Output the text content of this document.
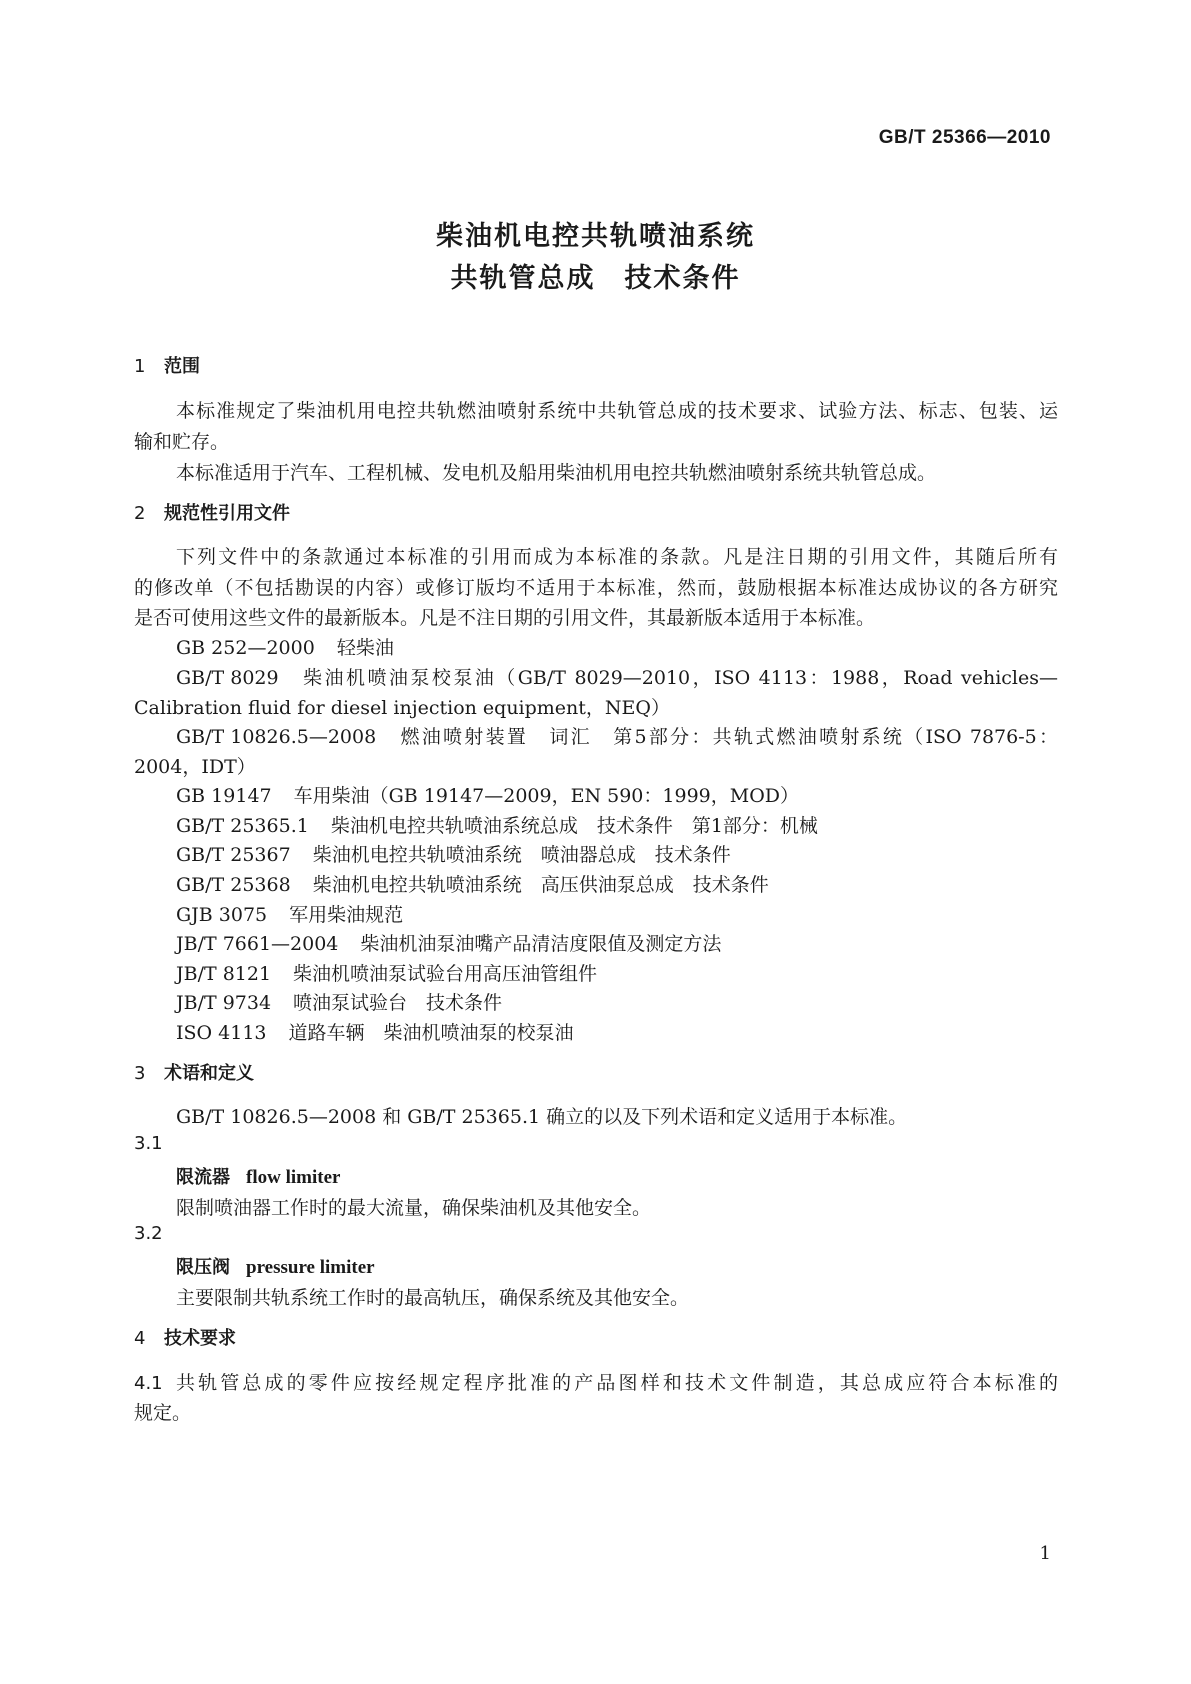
GB/T 25366—2010
柴油机电控共轨喷油系统
共轨管总成　技术条件
1 范围
本标准规定了柴油机用电控共轨燃油喷射系统中共轨管总成的技术要求、试验方法、标志、包装、运
输和贮存。
本标准适用于汽车、工程机械、发电机及船用柴油机用电控共轨燃油喷射系统共轨管总成。
2 规范性引用文件
下列文件中的条款通过本标准的引用而成为本标准的条款。凡是注日期的引用文件，其随后所有
的修改单（不包括勘误的内容）或修订版均不适用于本标准，然而，鼓励根据本标准达成协议的各方研究
是否可使用这些文件的最新版本。凡是不注日期的引用文件，其最新版本适用于本标准。
GB 252—2000 轻柴油
GB/T 8029 柴油机喷油泵校泵油（GB/T 8029—2010，ISO 4113：1988，Road vehicles—
Calibration fluid for diesel injection equipment，NEQ）
GB/T 10826.5—2008 燃油喷射装置　词汇　第5部分：共轨式燃油喷射系统（ISO 7876-5：
2004，IDT）
GB 19147 车用柴油（GB 19147—2009，EN 590：1999，MOD）
GB/T 25365.1 柴油机电控共轨喷油系统总成　技术条件　第1部分：机械
GB/T 25367 柴油机电控共轨喷油系统　喷油器总成　技术条件
GB/T 25368 柴油机电控共轨喷油系统　高压供油泵总成　技术条件
GJB 3075 军用柴油规范
JB/T 7661—2004 柴油机油泵油嘴产品清洁度限值及测定方法
JB/T 8121 柴油机喷油泵试验台用高压油管组件
JB/T 9734 喷油泵试验台　技术条件
ISO 4113 道路车辆　柴油机喷油泵的校泵油
3 术语和定义
GB/T 10826.5—2008 和 GB/T 25365.1 确立的以及下列术语和定义适用于本标准。
3.1
限流器 flow limiter
限制喷油器工作时的最大流量，确保柴油机及其他安全。
3.2
限压阀 pressure limiter
主要限制共轨系统工作时的最高轨压，确保系统及其他安全。
4 技术要求
4.1 共轨管总成的零件应按经规定程序批准的产品图样和技术文件制造，其总成应符合本标准的
规定。
1
